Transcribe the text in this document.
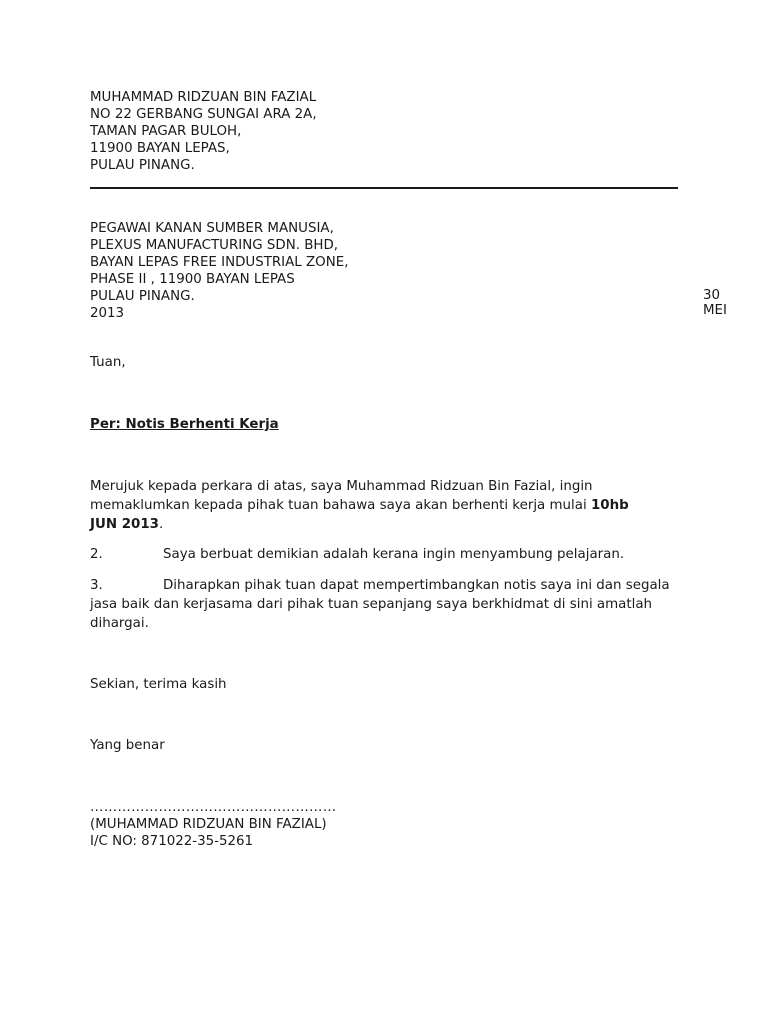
MUHAMMAD RIDZUAN BIN FAZIAL
NO 22 GERBANG SUNGAI ARA 2A,
TAMAN PAGAR BULOH,
11900 BAYAN LEPAS,
PULAU PINANG.
PEGAWAI KANAN SUMBER MANUSIA,
PLEXUS MANUFACTURING SDN. BHD,
BAYAN LEPAS FREE INDUSTRIAL ZONE,
PHASE II , 11900 BAYAN LEPAS
PULAU PINANG.	30 MEI
2013
Tuan,
Per: Notis Berhenti Kerja
Merujuk kepada perkara di atas, saya Muhammad Ridzuan Bin Fazial, ingin
memaklumkan kepada pihak tuan bahawa saya akan berhenti kerja mulai 10hb
JUN 2013.
2.	Saya berbuat demikian adalah kerana ingin menyambung pelajaran.
3.	Diharapkan pihak tuan dapat mempertimbangkan notis saya ini dan segala
jasa baik dan kerjasama dari pihak tuan sepanjang saya berkhidmat di sini amatlah
dihargai.
Sekian, terima kasih
Yang benar
………………………………………………
(MUHAMMAD RIDZUAN BIN FAZIAL)
I/C NO: 871022-35-5261
